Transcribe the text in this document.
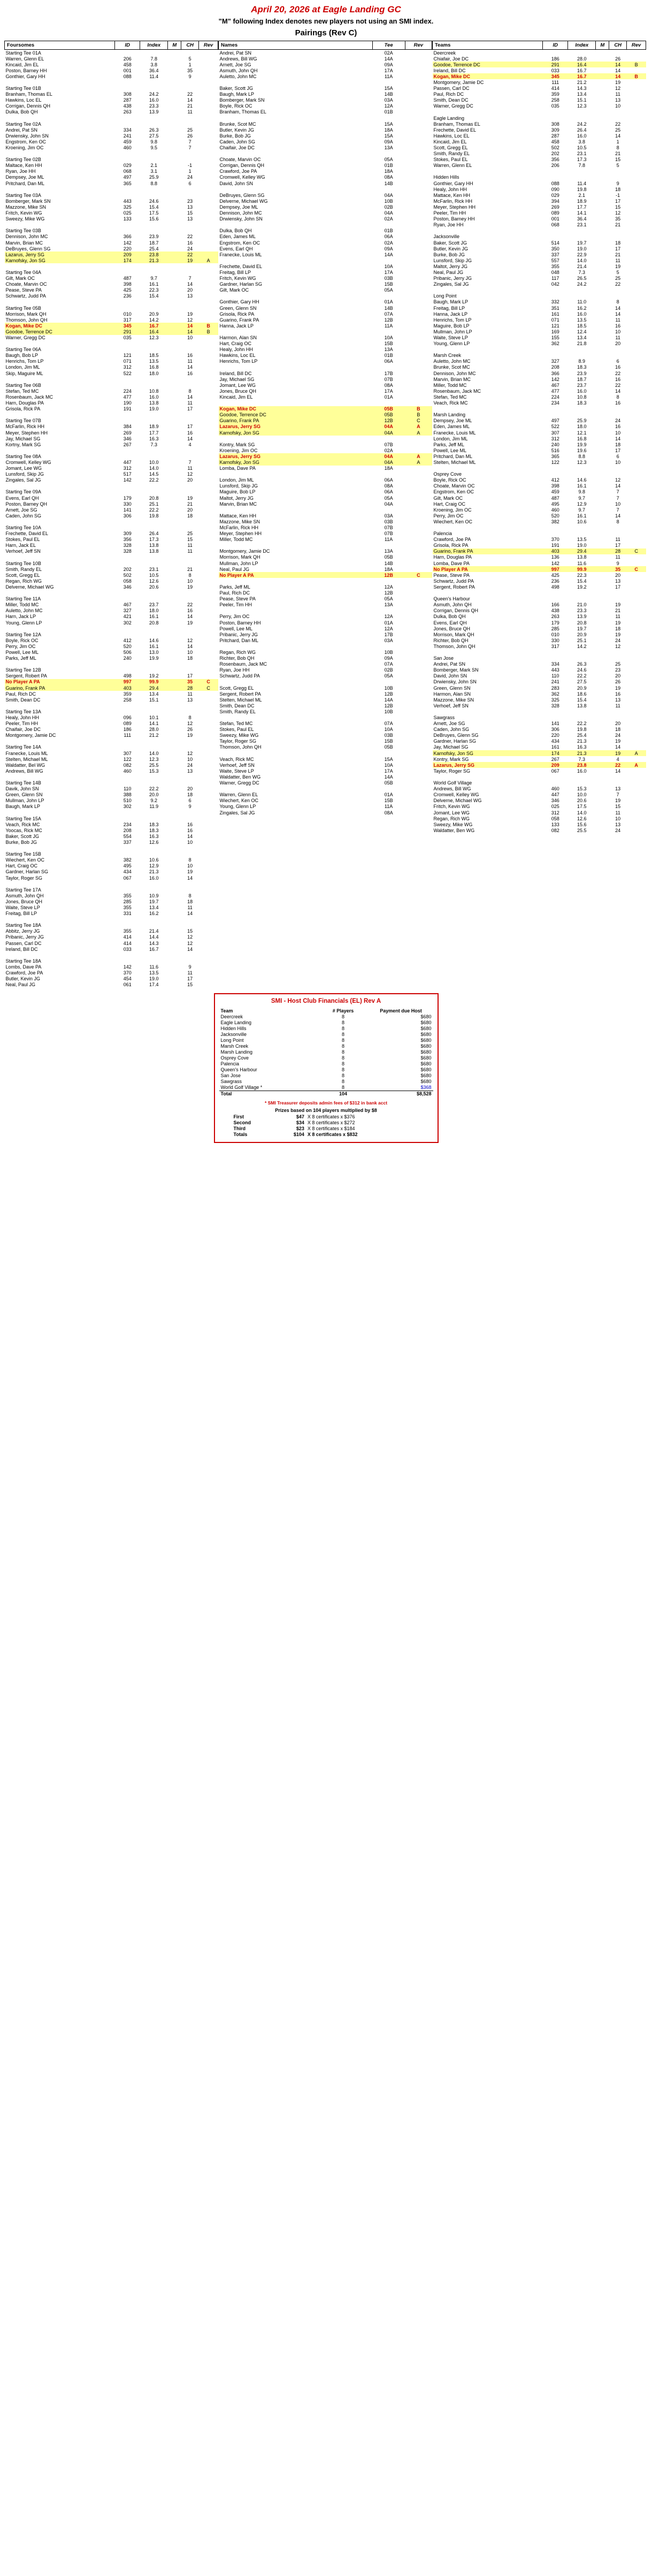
April 20, 2026 at Eagle Landing GC
"M" following Index denotes new players not using an SMI index.
Pairings (Rev C)
Foursomes	ID	Index	M	CH	Rev
Starting Tee 01A					
Warren, Glenn EL	206	7.8		5	
Kincaid, Jim EL	458	3.8		1	
Poston, Barney HH	001	36.4		35	
Gonthier, Gary HH	088	11.4		9	

Starting Tee 01B					
Branham, Thomas EL	308	24.2		22	
Hawkins, Loc EL	287	16.0		14	
Corrigan, Dennis QH	438	23.3		21	
Dulka, Bob QH	263	13.9		11	

Starting Tee 02A					
Andrei, Pat SN	334	26.3		25	
Drwiensky, John SN	241	27.5		26	
Engstrom, Ken OC	459	9.8		7	
Kroening, Jim OC	460	9.5		7	

Starting Tee 02B					
Maltace, Ken HH	029	2.1		-1	
Ryan, Joe HH	068	3.1		1	
Dempsey, Joe ML	497	25.9		24	
Pritchard, Dan ML	365	8.8		6	

Starting Tee 03A					
Bomberger, Mark SN	443	24.6		23	
Mazzone, Mike SN	325	15.4		13	
Fritch, Kevin WG	025	17.5		15	
Sweezy, Mike WG	133	15.6		13	

Starting Tee 03B					
Dennison, John MC	366	23.9		22	
Marvin, Brian MC	142	18.7		16	
DeBruyes, Glenn SG	220	25.4		24	
Lazarus, Jerry SG	209	23.8		22	
Karnofsky, Jon SG	174	21.3		19	A

Starting Tee 04A					
Gilt, Mark OC	487	9.7		7	
Choate, Marvin OC	398	16.1		14	
Pease, Steve PA	425	22.3		20	
Schwartz, Judd PA	236	15.4		13	

Starting Tee 05B					
Morrison, Mark QH	010	20.9		19	
Thomson, John QH	317	14.2		12	
Kogan, Mike DC	345	16.7		14	B
Goodoe, Terrence DC	291	16.4		14	B
Warner, Gregg DC	035	12.3		10	

Starting Tee 06A					
Baugh, Bob LP	121	18.5		16	
Henrichs, Tom LP	071	13.5		11	
London, Jim ML	312	16.8		14	
Skip, Maguire ML	522	18.0		16	

Starting Tee 06B					
Stefan, Ted MC	224	10.8		8	
Rosenbaum, Jack MC	477	16.0		14	
Harn, Douglas PA	190	13.8		11	
Grisola, Rick PA	191	19.0		17	

Starting Tee 07B					
McFarlin, Rick HH	384	18.9		17	
Meyer, Stephen HH	269	17.7		16	
Jay, Michael SG	346	16.3		14	
Kortny, Mark SG	267	7.3		4	

Starting Tee 08A					
Cromwell, Kelley WG	447	10.0		7	
Jomant, Lee WG	312	14.0		11	
Lunsford, Skip JG	517	14.5		12	
Zingales, Sal JG	142	22.2		20	

Starting Tee 09A					
Evens, Earl QH	179	20.8		19	
Poston, Barney QH	330	25.1		21	
Arnett, Joe SG	141	22.2		20	
Caden, John SG	306	19.8		18	

Starting Tee 10A					
Frechette, David EL	309	26.4		25	
Stokes, Paul EL	356	17.3		15	
Harn, Jack EL	328	13.8		11	
Verhoef, Jeff SN	328	13.8		11	

Starting Tee 10B					
Smith, Randy EL	202	23.1		21	
Scott, Gregg EL	502	10.5		8	
Regan, Rich WG	058	12.6		10	
Delverne, Michael WG	346	20.6		19	

Starting Tee 11A					
Miller, Todd MC	467	23.7		22	
Auletto, John MC	327	18.0		16	
Harn, Jack LP	421	16.1		14	
Young, Glenn LP	302	20.8		19	

Starting Tee 12A					
Boyle, Rick OC	412	14.6		12	
Perry, Jim OC	520	16.1		14	
Powell, Lee ML	506	13.0		10	
Parks, Jeff ML	240	19.9		18	

Starting Tee 12B					
Sergent, Robert PA	498	19.2		17	
No Player A PA	997	99.9		35	C
Guarino, Frank PA	403	29.4		28	C
Paul, Rich DC	359	13.4		11	
Smith, Dean DC	258	15.1		13	

Starting Tee 13A					
Healy, John HH	096	10.1		8	
Peeler, Tim HH	089	14.1		12	
Chaifair, Joe DC	186	28.0		26	
Montgomery, Jamie DC	111	21.2		19	

Starting Tee 14A					
Franecke, Louis ML	307	14.0		12	
Stelten, Michael ML	122	12.3		10	
Waldatter, Bel WG	082	25.5		24	
Andrews, Bill WG	460	15.3		13	

Starting Tee 14B					
Davik, John SN	110	22.2		20	
Green, Glenn SN	388	20.0		18	
Mullman, John LP	510	9.2		6	
Baugh, Mark LP	302	11.9		9	

Starting Tee 15A					
Veach, Rick MC	234	18.3		16	
Yoocas, Rick MC	208	18.3		16	
Baker, Scott JG	554	16.3		14	
Burke, Bob JG	337	12.6		10	

Starting Tee 15B					
Wiechert, Ken OC	382	10.6		8	
Hart, Craig OC	495	12.9		10	
Gardner, Harlan SG	434	21.3		19	
Taylor, Roger SG	067	16.0		14	

Starting Tee 17A					
Asmuth, John QH	355	10.9		8	
Jones, Bruce QH	285	19.7		18	
Waite, Steve LP	355	13.4		11	
Freitag, Bill LP	331	16.2		14	

Starting Tee 18A					
Abbitz, Jerry JG	355	21.4		15	
Pribanic, Jerry JG	414	14.4		12	
Passen, Carl DC	414	14.3		12	
Ireland, Bill DC	033	16.7		14	

Starting Tee 18A					
Lombs, Dave PA	142	11.6		9	
Crawford, Joe PA	370	13.5		11	
Butler, Kevin JG	454	19.0		17	
Neal, Paul JG	061	17.4		15	
Names	Tee	Rev
Andrei, Pat SN	02A	
Andrews, Bill WG	14A	
Arnett, Joe SG	09A	
Asmuth, John QH	17A	
Auletto, John MC	11A	

Baker, Scott JG	15A	
Baugh, Mark LP	14B	
Bomberger, Mark SN	03A	
Boyle, Rick OC	12A	
Branham, Thomas EL	01B	

Brunke, Scot MC	15A	
Butler, Kevin JG	18A	
Burke, Bob JG	15A	
Caden, John SG	09A	
Chaifair, Joe DC	13A	

Choate, Marvin OC	05A	
Corrigan, Dennis QH	01B	
Crawford, Joe PA	18A	
Cromwell, Kelley WG	08A	
David, John SN	14B	

DeBruyes, Glenn SG	04A	
Delverne, Michael WG	10B	
Dempsey, Joe ML	02B	
Dennison, John MC	04A	
Drwiensky, John SN	02A	

Dulka, Bob QH	01B	
Eden, James ML	06A	
Engstrom, Ken OC	02A	
Evens, Earl QH	09A	
Franecke, Louis ML	14A	

Frechette, David EL	10A	
Freitag, Bill LP	17A	
Fritch, Kevin WG	03B	
Gardner, Harlan SG	15B	
Gilt, Mark OC	05A	

Gonthier, Gary HH	01A	
Green, Glenn SN	14B	
Grisola, Rick PA	07A	
Guarino, Frank PA	12B	
Hanna, Jack LP	11A	

Harmon, Alan SN	10A	
Hart, Craig OC	15B	
Healy, John HH	13A	
Hawkins, Loc EL	01B	
Henrichs, Tom LP	06A	

Ireland, Bill DC	17B	
Jay, Michael SG	07B	
Jomant, Lee WG	08A	
Jones, Bruce QH	17A	
Kincaid, Jim EL	01A	

Kogan, Mike DC	05B	B
Goodoe, Terrence DC	05B	B
Guarino, Frank PA	12B	C
Lazarus, Jerry SG	04A	A
Karnofsky, Jon SG	04A	A

Kontry, Mark SG	07B	
Kroening, Jim OC	02A	
Lazarus, Jerry SG	04A	A
Karnofsky, Jon SG	04A	A
Lomba, Dave PA	18A	

London, Jim ML	06A	
Lunsford, Skip JG	08A	
Maguire, Bob LP	06A	
Maltot, Jerry JG	05A	
Marvin, Brian MC	04A	

Mattace, Ken HH	03A	
Mazzone, Mike SN	03B	
McFarlin, Rick HH	07B	
Meyer, Stephen HH	07B	
Miller, Todd MC	11A	

Montgomery, Jamie DC	13A	
Morrison, Mark QH	05B	
Mullman, John LP	14B	
Neal, Paul JG	18A	
No Player A PA	12B	C

Parks, Jeff ML	12A	
Paul, Rich DC	12B	
Pease, Steve PA	05A	
Peeler, Tim HH	13A	

Perry, Jim OC	12A	
Poston, Barney HH	01A	
Powell, Lee ML	12A	
Pribanic, Jerry JG	17B	
Pritchard, Dan ML	03A	

Regan, Rich WG	10B	
Richter, Bob QH	09A	
Rosenbaum, Jack MC	07A	
Ryan, Joe HH	02B	
Schwartz, Judd PA	05A	

Scott, Gregg EL	10B	
Sergent, Robert PA	12B	
Stelten, Michael ML	14A	
Smith, Dean DC	12B	
Smith, Randy EL	10B	

Stefan, Ted MC	07A	
Stokes, Paul EL	10A	
Sweezy, Mike WG	03B	
Taylor, Roger SG	15B	
Thomson, John QH	05B	

Veach, Rick MC	15A	
Verhoef, Jeff SN	10A	
Waite, Steve LP	17A	
Waldatter, Ben WG	14A	
Warner, Gregg DC	05B	

Warren, Glenn EL	01A	
Wiechert, Ken OC	15B	
Young, Glenn LP	11A	
Zingales, Sal JG	08A	
Teams	ID	Index	M	CH	Rev
Deercreek					
Chiafair, Joe DC	186	28.0		26	
Goodoe, Terrence DC	291	16.4		14	B
Ireland, Bill DC	033	16.7		14	
Kogan, Mike DC	345	16.7		14	B
Montgomery, Jamie DC	111	21.2		19	
Passen, Carl DC	414	14.3		12	
Paul, Rich DC	359	13.4		11	
Smith, Dean DC	258	15.1		13	
Warner, Gregg DC	035	12.3		10	

Eagle Landing					
Branham, Thomas EL	308	24.2		22	
Frechette, David EL	309	26.4		25	
Hawkins, Loc EL	287	16.0		14	
Kincaid, Jim EL	458	3.8		1	
Scott, Gregg EL	502	10.5		8	
Smith, Randy EL	202	23.1		21	
Stokes, Paul EL	356	17.3		15	
Warren, Glenn EL	206	7.8		5	

Hidden Hills					
Gonthier, Gary HH	088	11.4		9	
Healy, John HH	090	19.8		18	
Mattace, Ken HH	029	2.1		-1	
McFarlin, Rick HH	394	18.9		17	
Meyer, Stephen HH	269	17.7		15	
Peeler, Tim HH	089	14.1		12	
Poston, Barney HH	001	36.4		35	
Ryan, Joe HH	068	23.1		21	

Jacksonville					
Baker, Scott JG	514	19.7		18	
Butler, Kevin JG	350	19.0		17	
Burke, Bob JG	337	22.9		21	
Lunsford, Skip JG	557	14.0		11	
Maltot, Jerry JG	355	21.4		19	
Neal, Paul JG	048	7.3		5	
Pribanic, Jerry JG	117	26.5		25	
Zingales, Sal JG	042	24.2		22	

Long Point					
Baugh, Mark LP	332	11.0		8	
Freitag, Bill LP	351	16.2		14	
Hanna, Jack LP	161	16.0		14	
Henrichs, Tom LP	071	13.5		11	
Maguire, Bob LP	121	18.5		16	
Mullman, John LP	169	12.4		10	
Waite, Steve LP	155	13.4		11	
Young, Glenn LP	362	21.8		20	

Marsh Creek					
Auletto, John MC	327	8.9		6	
Brunke, Scot MC	208	18.3		16	
Dennison, John MC	366	23.9		22	
Marvin, Brian MC	142	18.7		16	
Miller, Todd MC	467	23.7		22	
Rosenbaum, Jack MC	477	16.0		14	
Stefan, Ted MC	224	10.8		8	
Veach, Rick MC	234	18.3		16	

Marsh Landing					
Dempsey, Joe ML	497	25.9		24	
Eden, James ML	522	18.0		16	
Franecke, Louis ML	307	12.1		10	
London, Jim ML	312	16.8		14	
Parks, Jeff ML	240	19.9		18	
Powell, Lee ML	516	19.6		17	
Pritchard, Dan ML	365	8.8		6	
Stelten, Michael ML	122	12.3		10	

Osprey Cove					
Boyle, Rick OC	412	14.6		12	
Choate, Marvin OC	398	16.1		14	
Engstrom, Ken OC	459	9.8		7	
Gilt, Mark OC	487	9.7		7	
Hart, Craig OC	495	12.9		10	
Kroening, Jim OC	460	9.7		7	
Perry, Jim OC	520	16.1		14	
Wiechert, Ken OC	382	10.6		8	

Palencia					
Crawford, Joe PA	370	13.5		11	
Grisola, Rick PA	191	19.0		17	
Guarino, Frank PA	403	29.4		28	C
Harn, Douglas PA	136	13.8		11	
Lomba, Dave PA	142	11.6		9	
No Player A PA	997	99.9		35	C
Pease, Steve PA	425	22.3		20	
Schwartz, Judd PA	236	15.4		13	
Sergent, Robert PA	498	19.2		17	

Queen's Harbour					
Asmuth, John QH	166	21.0		19	
Corrigan, Dennis QH	438	23.3		21	
Dulka, Bob QH	263	13.9		11	
Evens, Earl QH	179	20.8		19	
Jones, Bruce QH	285	19.7		18	
Morrison, Mark QH	010	20.9		19	
Richter, Bob QH	330	25.1		24	
Thomson, John QH	317	14.2		12	

San Jose					
Andrei, Pat SN	334	26.3		25	
Bomberger, Mark SN	443	24.6		23	
David, John SN	110	22.2		20	
Drwiensky, John SN	241	27.5		26	
Green, Glenn SN	283	20.9		19	
Harmon, Alan SN	362	18.6		16	
Mazzone, Mike SN	325	15.4		13	
Verhoef, Jeff SN	328	13.8		11	

Sawgrass					
Arnett, Joe SG	141	22.2		20	
Caden, John SG	306	19.8		18	
DeBruyes, Glenn SG	220	25.4		24	
Gardner, Harlan SG	434	21.3		19	
Jay, Michael SG	161	16.3		14	
Karnofsky, Jon SG	174	21.3		19	A
Kontry, Mark SG	267	7.3		4	
Lazarus, Jerry SG	209	23.8		22	A
Taylor, Roger SG	067	16.0		14	

World Golf Village					
Andrews, Bill WG	460	15.3		13	
Cromwell, Kelley WG	447	10.0		7	
Delverne, Michael WG	346	20.6		19	
Fritch, Kevin WG	025	17.5		15	
Jomant, Lee WG	312	14.0		11	
Regan, Rich WG	058	12.6		10	
Sweezy, Mike WG	133	15.6		13	
Waldatter, Ben WG	082	25.5		24	
SMI - Host Club Financials (EL) Rev A
Team	# Players	Payment due Host
Deercreek	8	$680
Eagle Landing	8	$680
Hidden Hills	8	$680
Jacksonville	8	$680
Long Point	8	$680
Marsh Creek	8	$680
Marsh Landing	8	$680
Osprey Cove	8	$680
Palencia	8	$680
Queen's Harbour	8	$680
San Jose	8	$680
Sawgrass	8	$680
World Golf Village *	8	$368
Total	104	$8,528
* SMI Treasurer deposits admin fees of $312 in bank acct
Prizes based on 104 players multiplied by $8
First	$47	X 8 certificates x $376
Second	$34	X 8 certificates x $272
Third	$23	X 8 certificates x $184
Totals	$104	X 8 certificates x $832
